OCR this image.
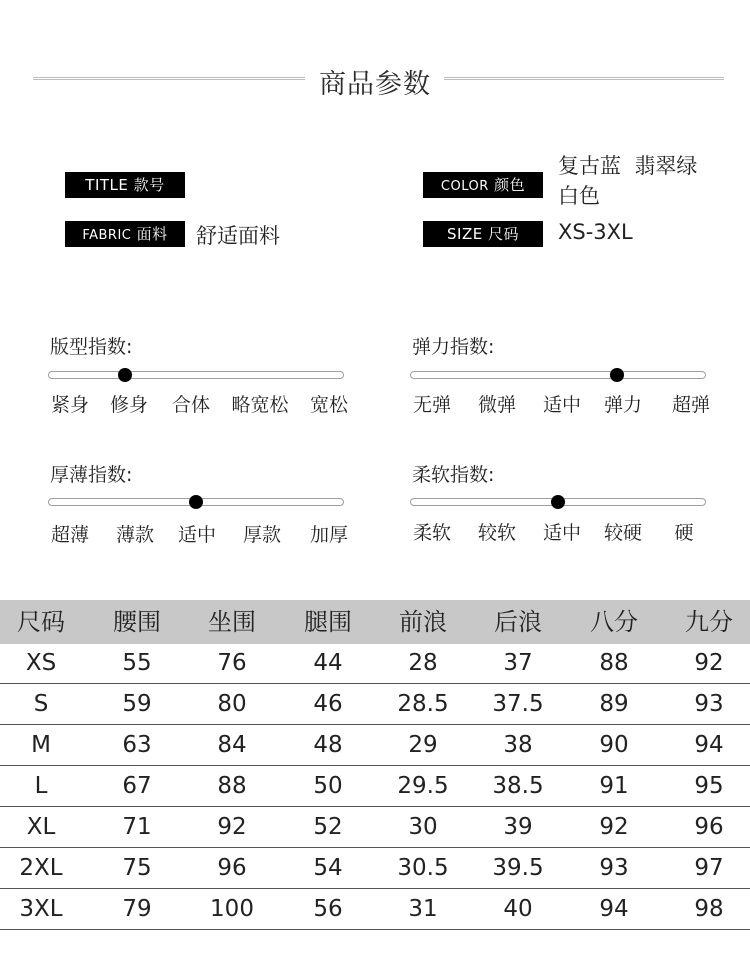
商品参数
TITLE 款号
FABRIC 面料	舒适面料
COLOR 颜色
复古蓝  翡翠绿
白色
SIZE 尺码	XS-3XL
版型指数:
紧身 修身 合体 略宽松 宽松
弹力指数:
无弹 微弹 适中 弹力 超弹
厚薄指数:
超薄 薄款 适中 厚款 加厚
柔软指数:
柔软 较软 适中 较硬 硬
尺码	腰围	坐围	腿围	前浪	后浪	八分	九分
XS	55	76	44	28	37	88	92
S	59	80	46	28.5	37.5	89	93
M	63	84	48	29	38	90	94
L	67	88	50	29.5	38.5	91	95
XL	71	92	52	30	39	92	96
2XL	75	96	54	30.5	39.5	93	97
3XL	79	100	56	31	40	94	98
